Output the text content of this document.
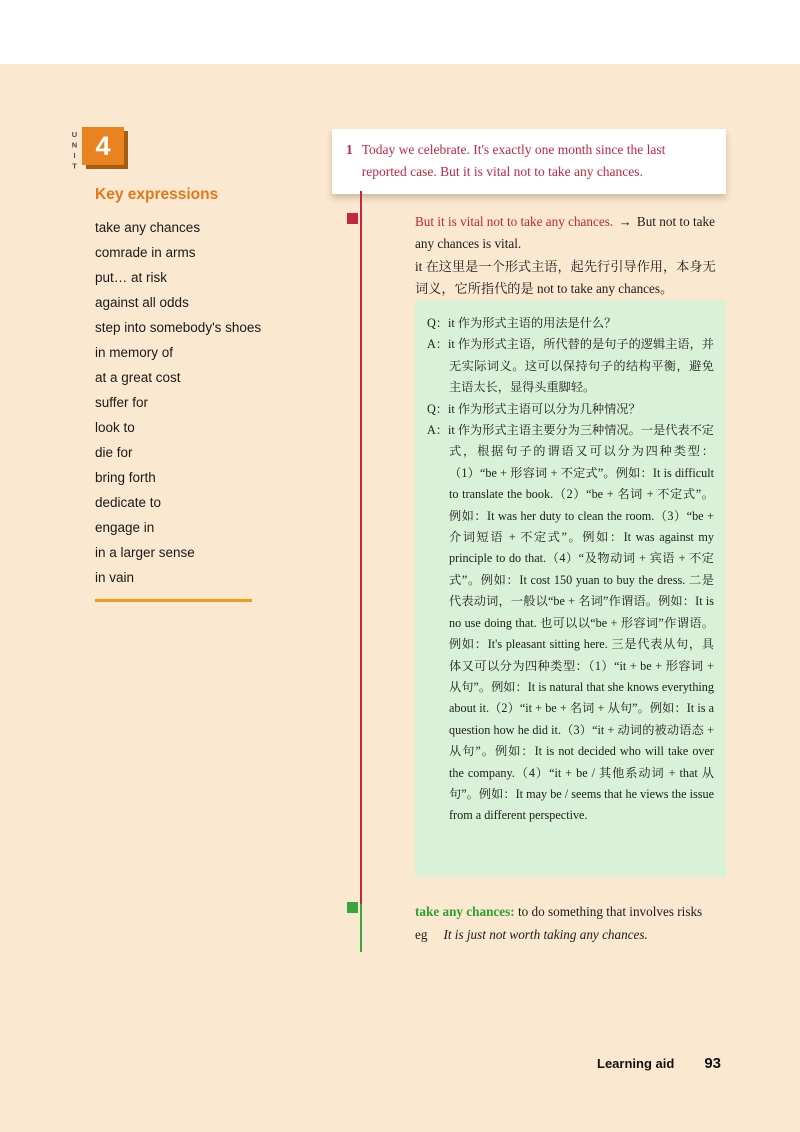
UNIT 4
Key expressions
take any chances
comrade in arms
put… at risk
against all odds
step into somebody's shoes
in memory of
at a great cost
suffer for
look to
die for
bring forth
dedicate to
engage in
in a larger sense
in vain
1 Today we celebrate. It's exactly one month since the last reported case. But it is vital not to take any chances.

But it is vital not to take any chances. → But not to take any chances is vital.

it 在这里是一个形式主语，起先行引导作用，本身无词义，它所指代的是 not to take any chances。

Q：it 作为形式主语的用法是什么？

A：it 作为形式主语，所代替的是句子的逻辑主语，并无实际词义。这可以保持句子的结构平衡，避免主语太长，显得头重脚轻。

Q：it 作为形式主语可以分为几种情况？

A：it 作为形式主语主要分为三种情况。一是代表不定式，根据句子的谓语又可以分为四种类型：（1）“be + 形容词 + 不定式”。例如：It is difficult to translate the book.（2）“be + 名词 + 不定式”。例如：It was her duty to clean the room.（3）“be + 介词短语 + 不定式”。例如：It was against my principle to do that.（4）“及物动词 + 宾语 + 不定式”。例如：It cost 150 yuan to buy the dress. 二是代表动词，一般以“be + 名词”作谓语。例如：It is no use doing that. 也可以以“be + 形容词”作谓语。例如：It's pleasant sitting here. 三是代表从句，具体又可以分为四种类型：（1）“it + be + 形容词 + 从句”。例如：It is natural that she knows everything about it.（2）“it + be + 名词 + 从句”。例如：It is a question how he did it.（3）“it + 动词的被动语态 + 从句”。例如：It is not decided who will take over the company.（4）“it + be / 其他系动词 + that 从句”。例如：It may be / seems that he views the issue from a different perspective.

take any chances: to do something that involves risks

eg It is just not worth taking any chances.

Learning aid 93
